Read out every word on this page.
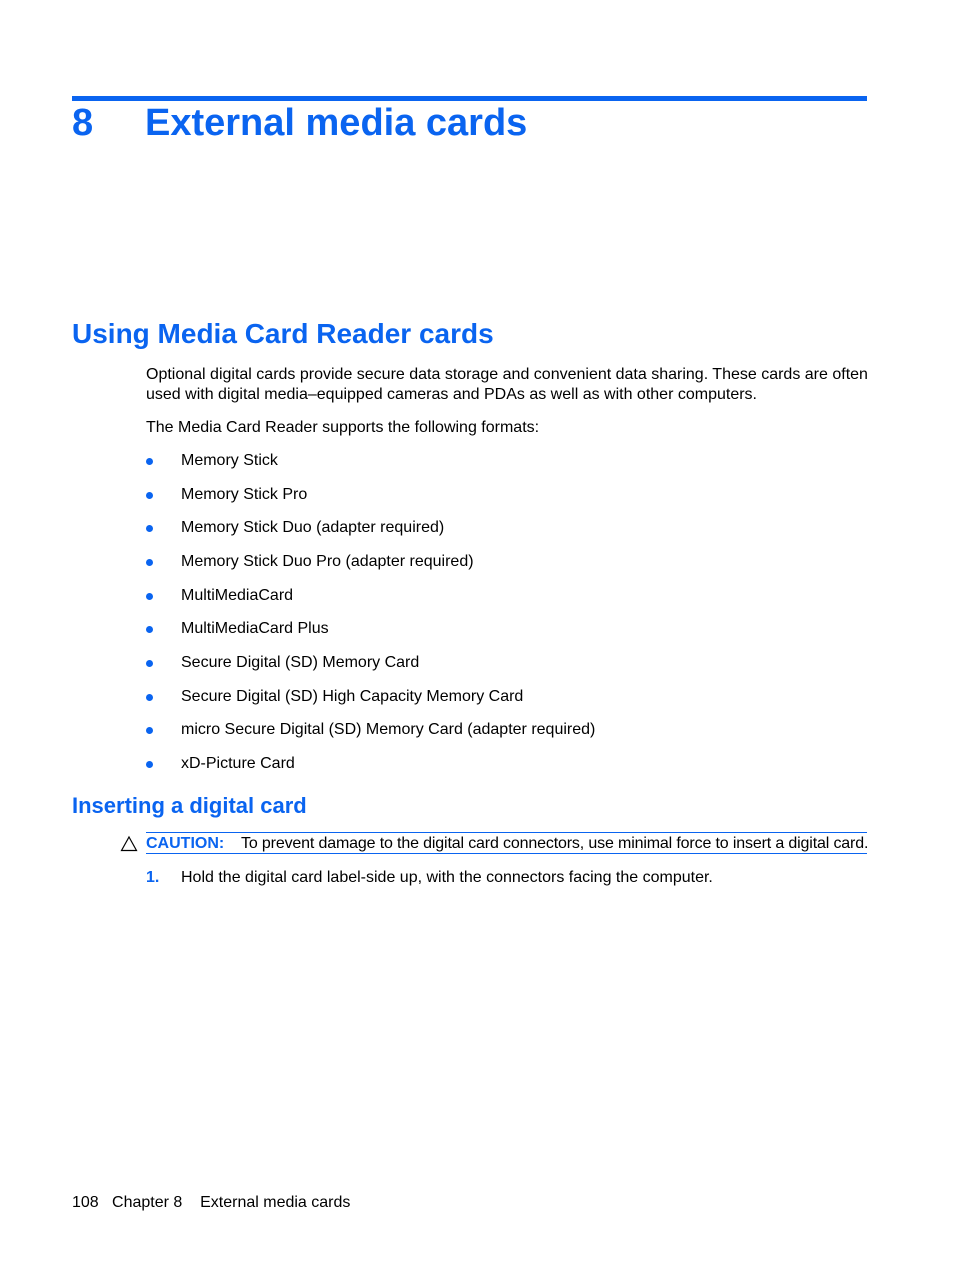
8 External media cards
Using Media Card Reader cards

Optional digital cards provide secure data storage and convenient data sharing. These cards are often used with digital media–equipped cameras and PDAs as well as with other computers.

The Media Card Reader supports the following formats:

Memory Stick
Memory Stick Pro
Memory Stick Duo (adapter required)
Memory Stick Duo Pro (adapter required)
MultiMediaCard
MultiMediaCard Plus
Secure Digital (SD) Memory Card
Secure Digital (SD) High Capacity Memory Card
micro Secure Digital (SD) Memory Card (adapter required)
xD-Picture Card
Inserting a digital card
CAUTION: To prevent damage to the digital card connectors, use minimal force to insert a digital card.
1. Hold the digital card label-side up, with the connectors facing the computer.
108 Chapter 8 External media cards
